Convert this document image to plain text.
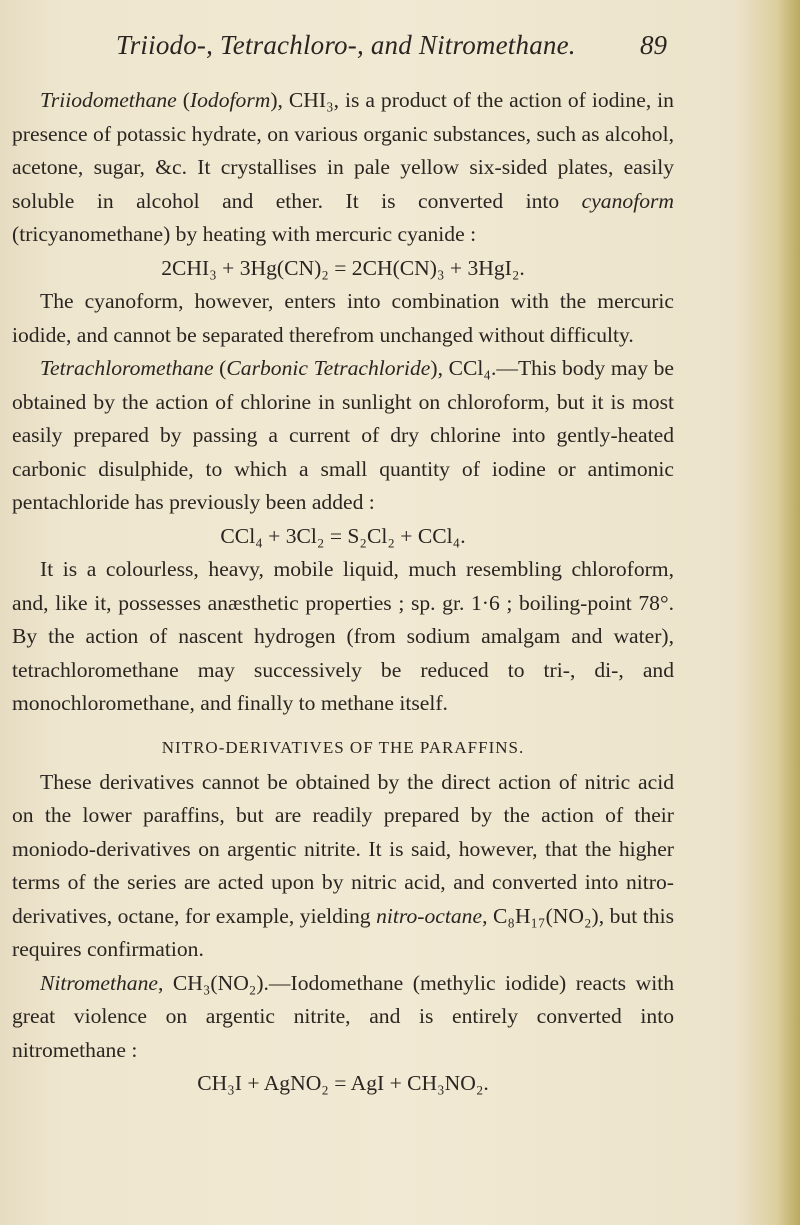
Triiodo-, Tetrachloro-, and Nitromethane.	89

Triiodomethane (Iodoform), CHI₃, is a product of the action of iodine, in presence of potassic hydrate, on various organic substances, such as alcohol, acetone, sugar, &c. It crystallises in pale yellow six-sided plates, easily soluble in alcohol and ether. It is converted into cyanoform (tricyanomethane) by heating with mercuric cyanide :

2CHI₃ + 3Hg(CN)₂ = 2CH(CN)₃ + 3HgI₂.

The cyanoform, however, enters into combination with the mercuric iodide, and cannot be separated therefrom unchanged without difficulty.

Tetrachloromethane (Carbonic Tetrachloride), CCl₄.—This body may be obtained by the action of chlorine in sunlight on chloroform, but it is most easily prepared by passing a current of dry chlorine into gently-heated carbonic disulphide, to which a small quantity of iodine or antimonic pentachloride has previously been added :

CCl₄ + 3Cl₂ = S₂Cl₂ + CCl₄.

It is a colourless, heavy, mobile liquid, much resembling chloroform, and, like it, possesses anæsthetic properties ; sp. gr. 1·6 ; boiling-point 78°. By the action of nascent hydrogen (from sodium amalgam and water), tetrachloromethane may successively be reduced to tri-, di-, and monochloromethane, and finally to methane itself.

NITRO-DERIVATIVES OF THE PARAFFINS.

These derivatives cannot be obtained by the direct action of nitric acid on the lower paraffins, but are readily prepared by the action of their moniodo-derivatives on argentic nitrite. It is said, however, that the higher terms of the series are acted upon by nitric acid, and converted into nitro-derivatives, octane, for example, yielding nitro-octane, C₈H₁₇(NO₂), but this requires confirmation.

Nitromethane, CH₃(NO₂).—Iodomethane (methylic iodide) reacts with great violence on argentic nitrite, and is entirely converted into nitromethane :

CH₃I + AgNO₂ = AgI + CH₃NO₂.
